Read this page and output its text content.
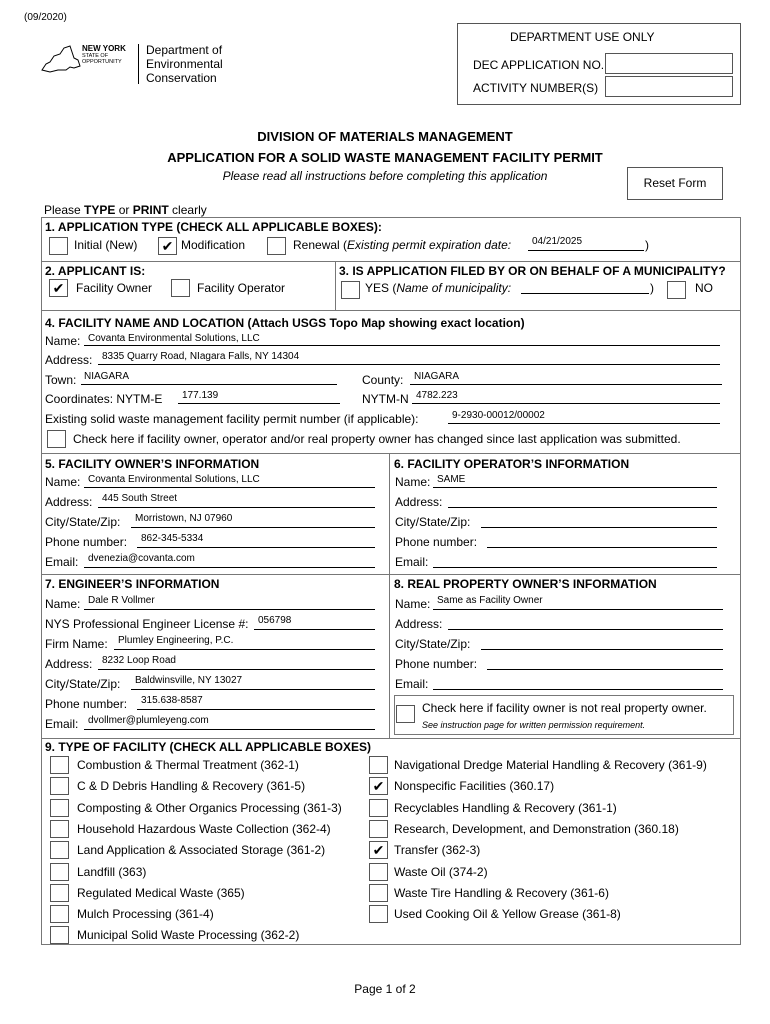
(09/2020)
NEW YORK
STATE OF
OPPORTUNITY
Department of
Environmental
Conservation
DEPARTMENT USE ONLY
DEC APPLICATION NO.
ACTIVITY NUMBER(S)
DIVISION OF MATERIALS MANAGEMENT
APPLICATION FOR A SOLID WASTE MANAGEMENT FACILITY PERMIT
Please read all instructions before completing this application	Reset Form
Please TYPE or PRINT clearly
1. APPLICATION TYPE (CHECK ALL APPLICABLE BOXES):
Initial (New) ✔ Modification	Renewal (Existing permit expiration date: 04/21/2025	)
2. APPLICANT IS:
✔ Facility Owner	Facility Operator
3. IS APPLICATION FILED BY OR ON BEHALF OF A MUNICIPALITY?
YES (Name of municipality:	)	NO
4. FACILITY NAME AND LOCATION (Attach USGS Topo Map showing exact location)
Name: Covanta Environmental Solutions, LLC
Address: 8335 Quarry Road, NIagara Falls, NY 14304
Town: NIAGARA	County: NIAGARA
Coordinates: NYTM-E 177.139	NYTM-N 4782.223
Existing solid waste management facility permit number (if applicable):	9-2930-00012/00002
Check here if facility owner, operator and/or real property owner has changed since last application was submitted.
5. FACILITY OWNER’S INFORMATION
Name: Covanta Environmental Solutions, LLC
Address: 445 South Street
City/State/Zip: Morristown, NJ 07960
Phone number: 862-345-5334
Email: dvenezia@covanta.com
6. FACILITY OPERATOR’S INFORMATION
Name: SAME
Address:
City/State/Zip:
Phone number:
Email:
7. ENGINEER’S INFORMATION
Name: Dale R Vollmer
NYS Professional Engineer License #: 056798
Firm Name: Plumley Engineering, P.C.
Address: 8232 Loop Road
City/State/Zip: Baldwinsville, NY 13027
Phone number: 315.638-8587
Email: dvollmer@plumleyeng.com
8. REAL PROPERTY OWNER’S INFORMATION
Name: Same as Facility Owner
Address:
City/State/Zip:
Phone number:
Email:
Check here if facility owner is not real property owner.
See instruction page for written permission requirement.
9. TYPE OF FACILITY (CHECK ALL APPLICABLE BOXES)
Combustion & Thermal Treatment (362-1)
C & D Debris Handling & Recovery (361-5)
Composting & Other Organics Processing (361-3)
Household Hazardous Waste Collection (362-4)
Land Application & Associated Storage (361-2)
Landfill (363)
Regulated Medical Waste (365)
Mulch Processing (361-4)
Municipal Solid Waste Processing (362-2)
Navigational Dredge Material Handling & Recovery (361-9)
✔ Nonspecific Facilities (360.17)
Recyclables Handling & Recovery (361-1)
Research, Development, and Demonstration (360.18)
✔ Transfer (362-3)
Waste Oil (374-2)
Waste Tire Handling & Recovery (361-6)
Used Cooking Oil & Yellow Grease (361-8)
Page 1 of 2
